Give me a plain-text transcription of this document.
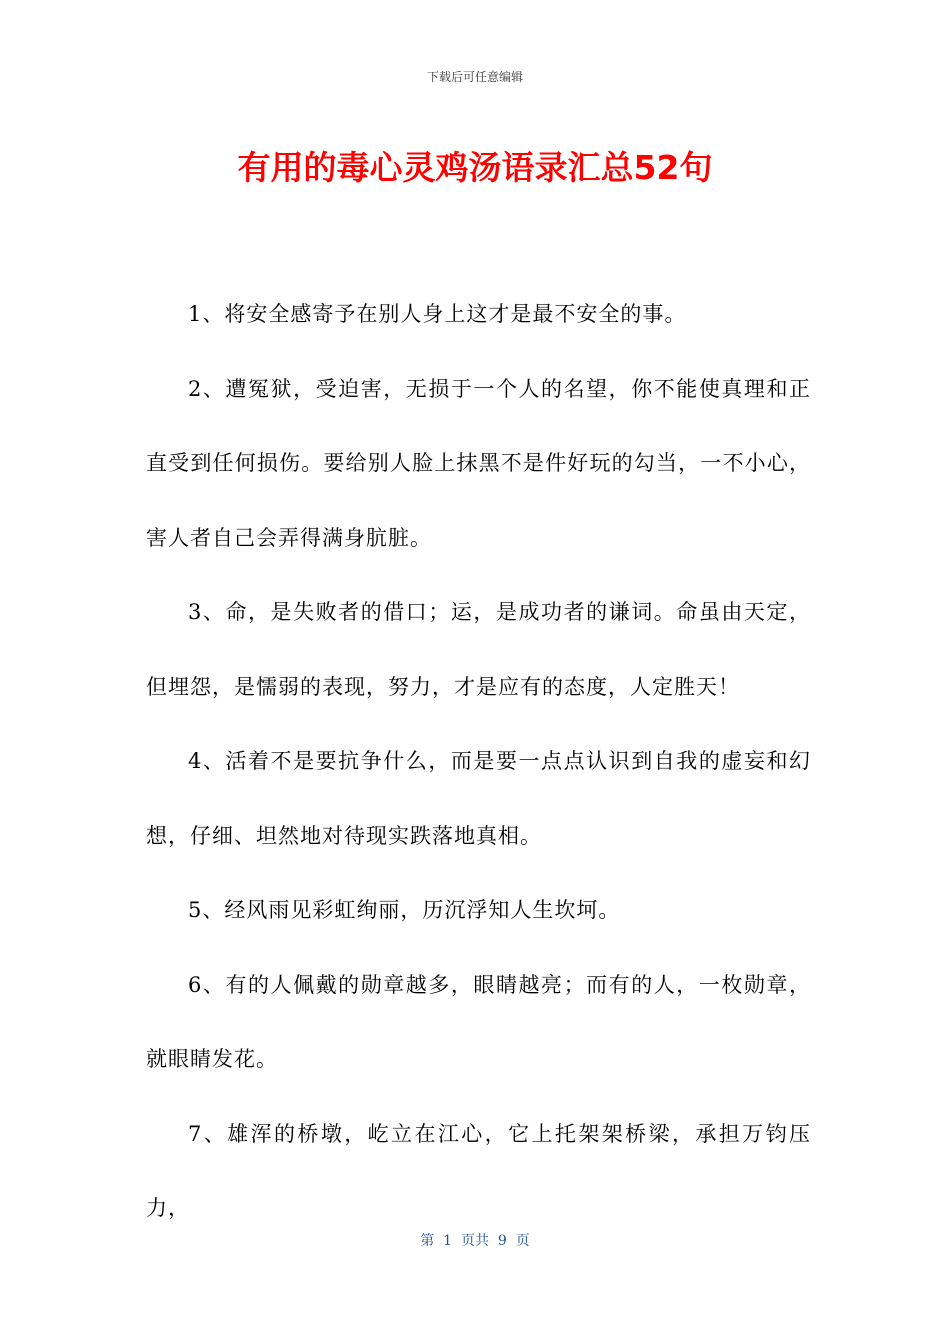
下载后可任意编辑
有用的毒心灵鸡汤语录汇总52句

1、将安全感寄予在别人身上这才是最不安全的事。

2、遭冤狱，受迫害，无损于一个人的名望，你不能使真理和正直受到任何损伤。要给别人脸上抹黑不是件好玩的勾当，一不小心，害人者自己会弄得满身肮脏。

3、命，是失败者的借口；运，是成功者的谦词。命虽由天定，但埋怨，是懦弱的表现，努力，才是应有的态度，人定胜天！

4、活着不是要抗争什么，而是要一点点认识到自我的虚妄和幻想，仔细、坦然地对待现实跌落地真相。

5、经风雨见彩虹绚丽，历沉浮知人生坎坷。

6、有的人佩戴的勋章越多，眼睛越亮；而有的人，一枚勋章，就眼睛发花。

7、雄浑的桥墩，屹立在江心，它上托架架桥梁，承担万钧压力，

第  1  页共  9  页
